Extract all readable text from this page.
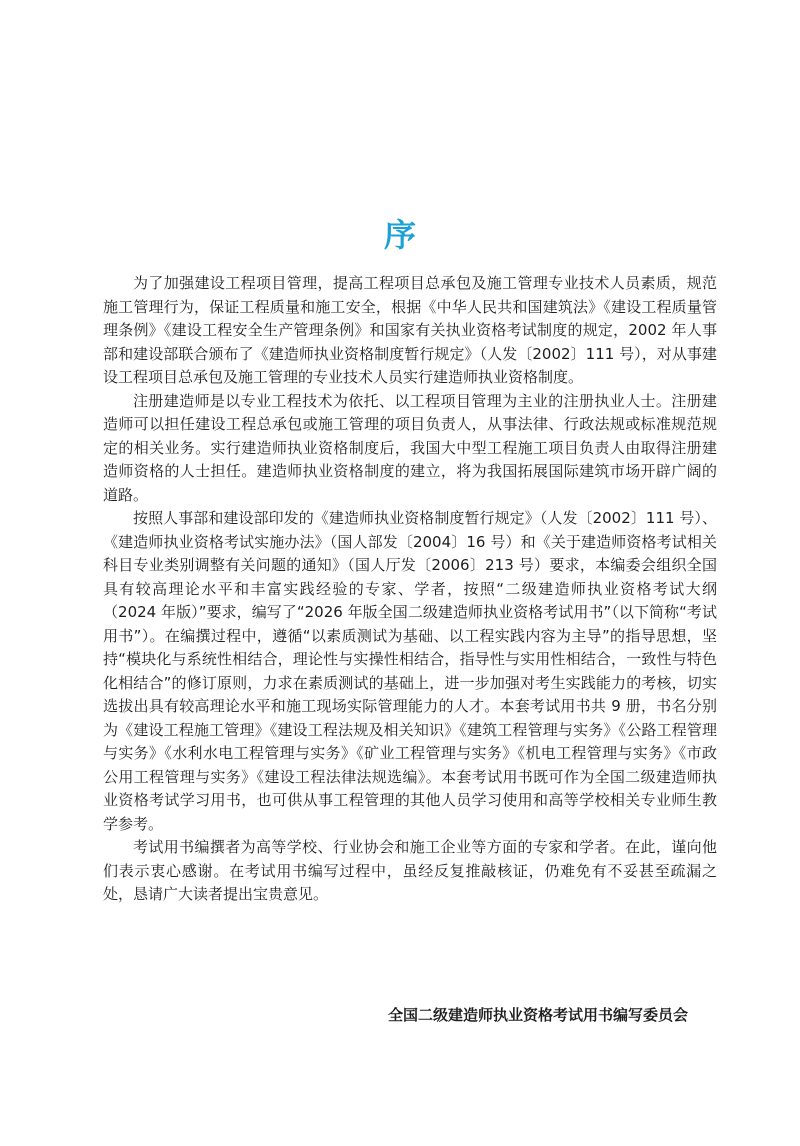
序

为了加强建设工程项目管理，提高工程项目总承包及施工管理专业技术人员素质，规范施工管理行为，保证工程质量和施工安全，根据《中华人民共和国建筑法》《建设工程质量管理条例》《建设工程安全生产管理条例》和国家有关执业资格考试制度的规定，2002 年人事部和建设部联合颁布了《建造师执业资格制度暂行规定》（人发〔2002〕111 号），对从事建设工程项目总承包及施工管理的专业技术人员实行建造师执业资格制度。

注册建造师是以专业工程技术为依托、以工程项目管理为主业的注册执业人士。注册建造师可以担任建设工程总承包或施工管理的项目负责人，从事法律、行政法规或标准规范规定的相关业务。实行建造师执业资格制度后，我国大中型工程施工项目负责人由取得注册建造师资格的人士担任。建造师执业资格制度的建立，将为我国拓展国际建筑市场开辟广阔的道路。

按照人事部和建设部印发的《建造师执业资格制度暂行规定》（人发〔2002〕111 号）、《建造师执业资格考试实施办法》（国人部发〔2004〕16 号）和《关于建造师资格考试相关科目专业类别调整有关问题的通知》（国人厅发〔2006〕213 号）要求，本编委会组织全国具有较高理论水平和丰富实践经验的专家、学者，按照“二级建造师执业资格考试大纲（2024 年版）”要求，编写了“2026 年版全国二级建造师执业资格考试用书”（以下简称“考试用书”）。在编撰过程中，遵循“以素质测试为基础、以工程实践内容为主导”的指导思想，坚持“模块化与系统性相结合，理论性与实操性相结合，指导性与实用性相结合，一致性与特色化相结合”的修订原则，力求在素质测试的基础上，进一步加强对考生实践能力的考核，切实选拔出具有较高理论水平和施工现场实际管理能力的人才。本套考试用书共 9 册，书名分别为《建设工程施工管理》《建设工程法规及相关知识》《建筑工程管理与实务》《公路工程管理与实务》《水利水电工程管理与实务》《矿业工程管理与实务》《机电工程管理与实务》《市政公用工程管理与实务》《建设工程法律法规选编》。本套考试用书既可作为全国二级建造师执业资格考试学习用书，也可供从事工程管理的其他人员学习使用和高等学校相关专业师生教学参考。

考试用书编撰者为高等学校、行业协会和施工企业等方面的专家和学者。在此，谨向他们表示衷心感谢。在考试用书编写过程中，虽经反复推敲核证，仍难免有不妥甚至疏漏之处，恳请广大读者提出宝贵意见。

全国二级建造师执业资格考试用书编写委员会
